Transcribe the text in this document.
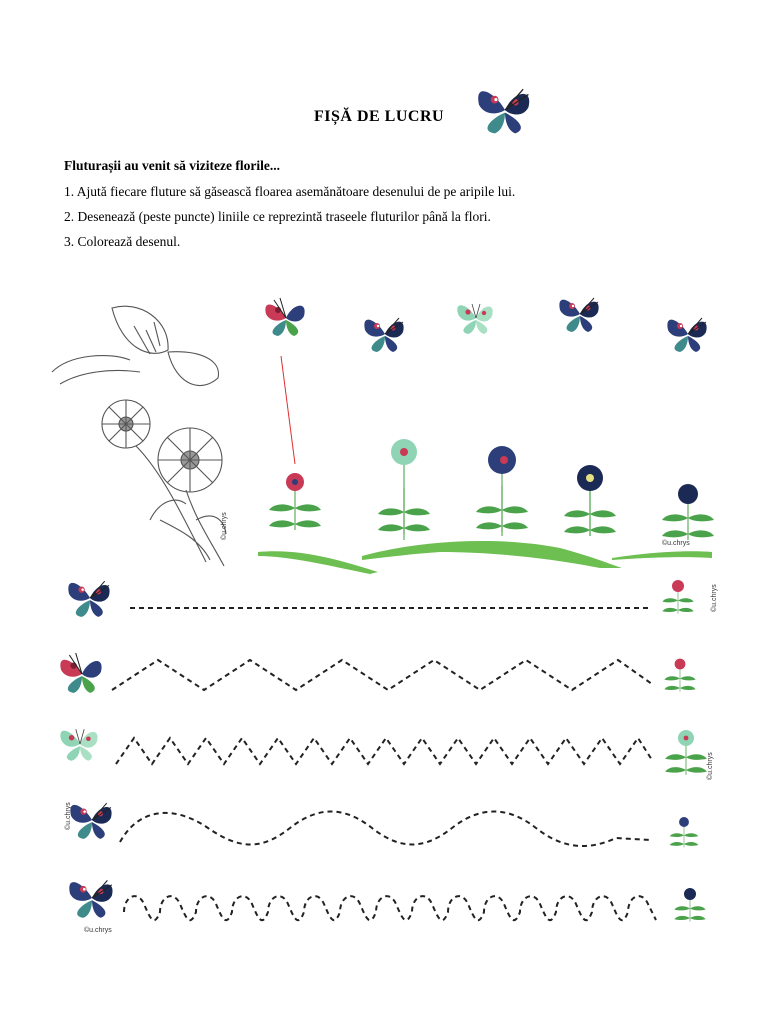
FIȘĂ DE LUCRU
Fluturașii au venit să viziteze florile...
1. Ajută fiecare fluture să găsească floarea asemănătoare desenului de pe aripile lui.
2. Desenează (peste puncte) liniile ce reprezintă traseele fluturilor până la flori.
3. Colorează desenul.
©u.chrys
©u.chrys
©u.chrys
©u.chrys
©u.chrys
©u.chrys
